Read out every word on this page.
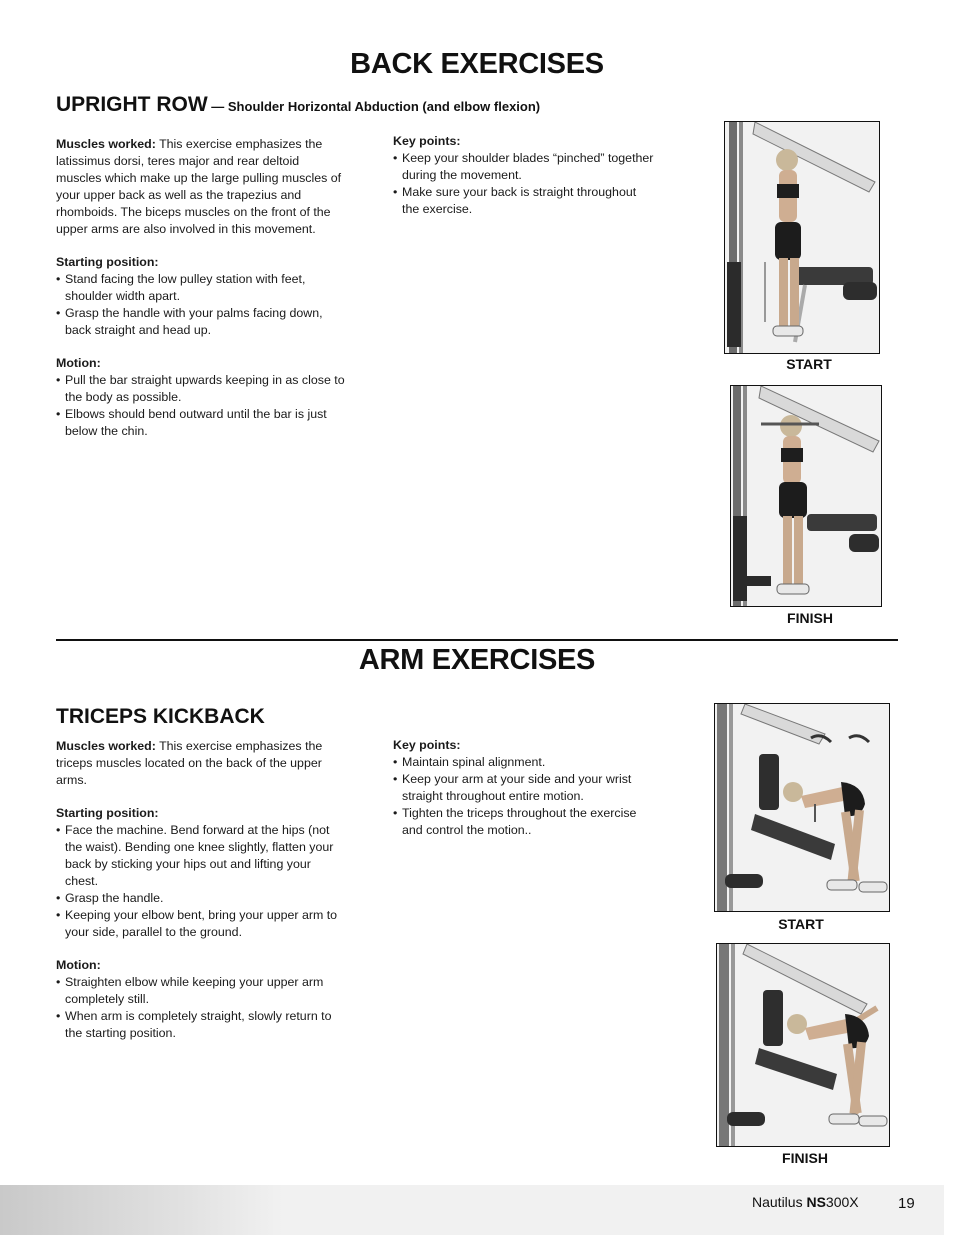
BACK EXERCISES
UPRIGHT ROW — Shoulder Horizontal Abduction (and elbow flexion)
Muscles worked: This exercise emphasizes the latissimus dorsi, teres major and rear deltoid muscles which make up the large pulling muscles of your upper back as well as the trapezius and rhomboids. The biceps muscles on the front of the upper arms are also involved in this movement.
Starting position:
• Stand facing the low pulley station with feet, shoulder width apart.
• Grasp the handle with your palms facing down, back straight and head up.
Motion:
• Pull the bar straight upwards keeping in as close to the body as possible.
• Elbows should bend outward until the bar is just below the chin.
Key points:
• Keep your shoulder blades “pinched” together during the movement.
• Make sure your back is straight throughout the exercise.
START
FINISH
ARM EXERCISES
TRICEPS KICKBACK
Muscles worked: This exercise emphasizes the triceps muscles located on the back of the upper arms.
Starting position:
• Face the machine. Bend forward at the hips (not the waist). Bending one knee slightly, flatten your back by sticking your hips out and lifting your chest.
• Grasp the handle.
• Keeping your elbow bent, bring your upper arm to your side, parallel to the ground.
Motion:
• Straighten elbow while keeping your upper arm completely still.
• When arm is completely straight, slowly return to the starting position.
Key points:
• Maintain spinal alignment.
• Keep your arm at your side and your wrist straight throughout entire motion.
• Tighten the triceps throughout the exercise and control the motion..
START
FINISH
Nautilus NS300X	19
